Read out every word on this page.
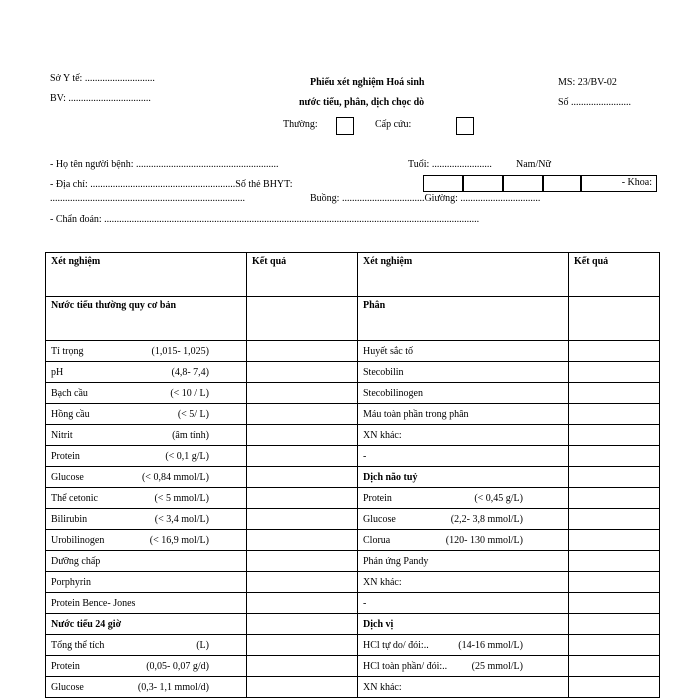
Sở Y tế: ............................
BV: .................................
Phiếu xét nghiệm Hoá sinh
nước tiểu, phân, dịch chọc dò
MS: 23/BV-02
Số ........................
Thường:	Cấp cứu:
- Họ tên người bệnh: .........................................................	Tuổi: ........................ Nam/Nữ
- Địa chỉ: ..........................................................Số thẻ BHYT:	- Khoa:
..............................................................................	Buồng: .................................Giường: ................................
- Chẩn đoán: ......................................................................................................................................................
Xét nghiệm	Kết quả	Xét nghiệm	Kết quả
Nước tiểu thường quy cơ bản		Phân	
Tỉ trọng (1,015- 1,025)		Huyết sắc tố	
pH (4,8- 7,4)		Stecobilin	
Bạch cầu (< 10 / L)		Stecobilinogen	
Hồng cầu (< 5/ L)		Máu toàn phần trong phân	
Nitrit (âm tính)		XN khác:	
Protein (< 0,1 g/L)		-	
Glucose (< 0,84 mmol/L)		Dịch não tuỷ	
Thể cetonic (< 5 mmol/L)		Protein (< 0,45 g/L)	
Bilirubin (< 3,4 mol/L)		Glucose (2,2- 3,8 mmol/L)	
Urobilinogen (< 16,9 mol/L)		Clorua (120- 130 mmol/L)	
Dưỡng chấp		Phản ứng Pandy	
Porphyrin		XN khác:	
Protein Bence- Jones		-	
Nước tiểu 24 giờ		Dịch vị	
Tổng thể tích (L)		HCl tự do/ đói:.. (14-16 mmol/L)	
Protein (0,05- 0,07 g/d)		HCl toàn phần/ đói:.. (25 mmol/L)	
Glucose (0,3- 1,1 mmol/d)		XN khác:	
